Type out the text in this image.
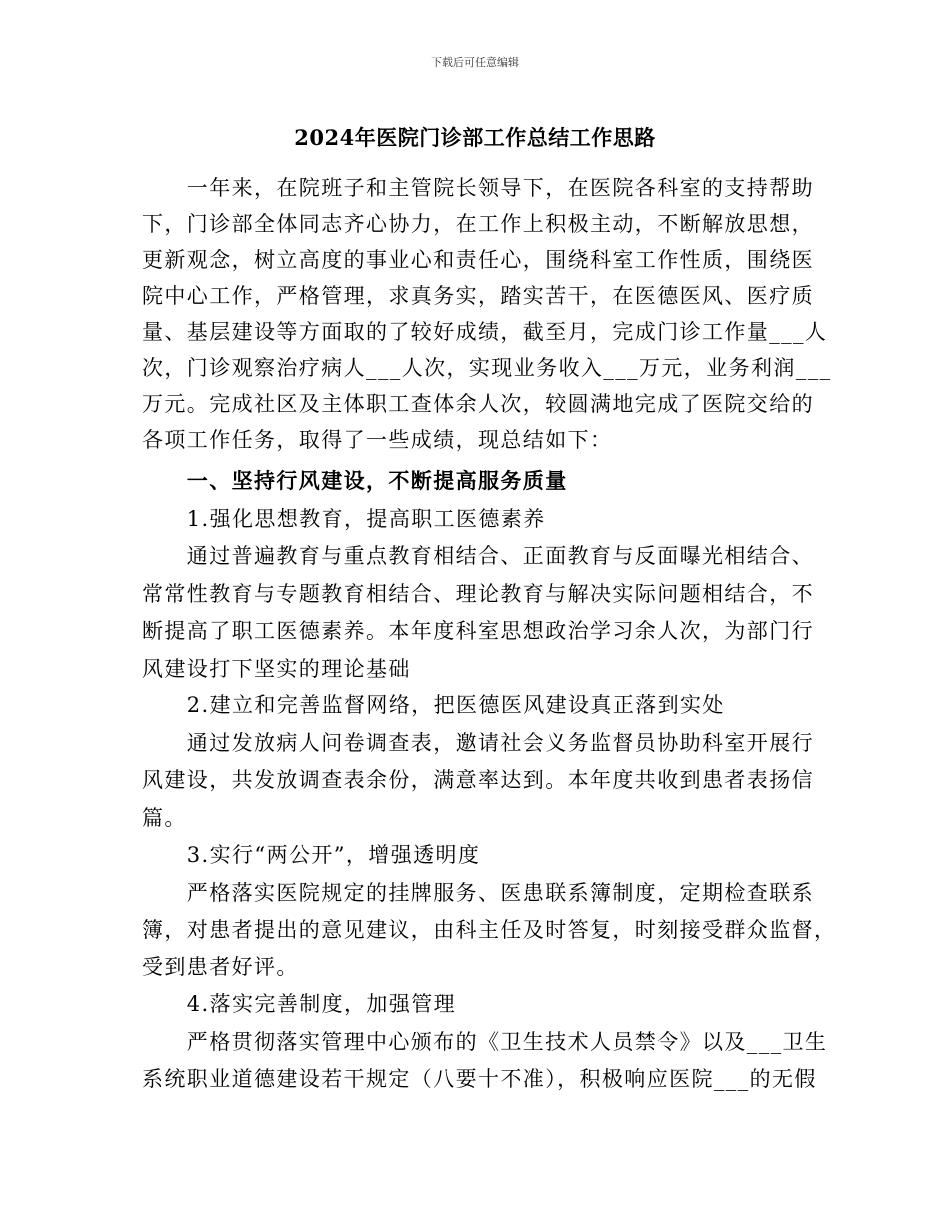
下载后可任意编辑
2024年医院门诊部工作总结工作思路
　　一年来，在院班子和主管院长领导下，在医院各科室的支持帮助
下，门诊部全体同志齐心协力，在工作上积极主动，不断解放思想，
更新观念，树立高度的事业心和责任心，围绕科室工作性质，围绕医
院中心工作，严格管理，求真务实，踏实苦干，在医德医风、医疗质
量、基层建设等方面取的了较好成绩，截至月，完成门诊工作量___人
次，门诊观察治疗病人___人次，实现业务收入___万元，业务利润___
万元。完成社区及主体职工查体余人次，较圆满地完成了医院交给的
各项工作任务，取得了一些成绩，现总结如下：
　　一、坚持行风建设，不断提高服务质量
　　1.强化思想教育，提高职工医德素养
　　通过普遍教育与重点教育相结合、正面教育与反面曝光相结合、
常常性教育与专题教育相结合、理论教育与解决实际问题相结合，不
断提高了职工医德素养。本年度科室思想政治学习余人次，为部门行
风建设打下坚实的理论基础
　　2.建立和完善监督网络，把医德医风建设真正落到实处
　　通过发放病人问卷调查表，邀请社会义务监督员协助科室开展行
风建设，共发放调查表余份，满意率达到。本年度共收到患者表扬信
篇。
　　3.实行“两公开”，增强透明度
　　严格落实医院规定的挂牌服务、医患联系簿制度，定期检查联系
簿，对患者提出的意见建议，由科主任及时答复，时刻接受群众监督，
受到患者好评。
　　4.落实完善制度，加强管理
　　严格贯彻落实管理中心颁布的《卫生技术人员禁令》以及___卫生
系统职业道德建设若干规定（八要十不准），积极响应医院___的无假
